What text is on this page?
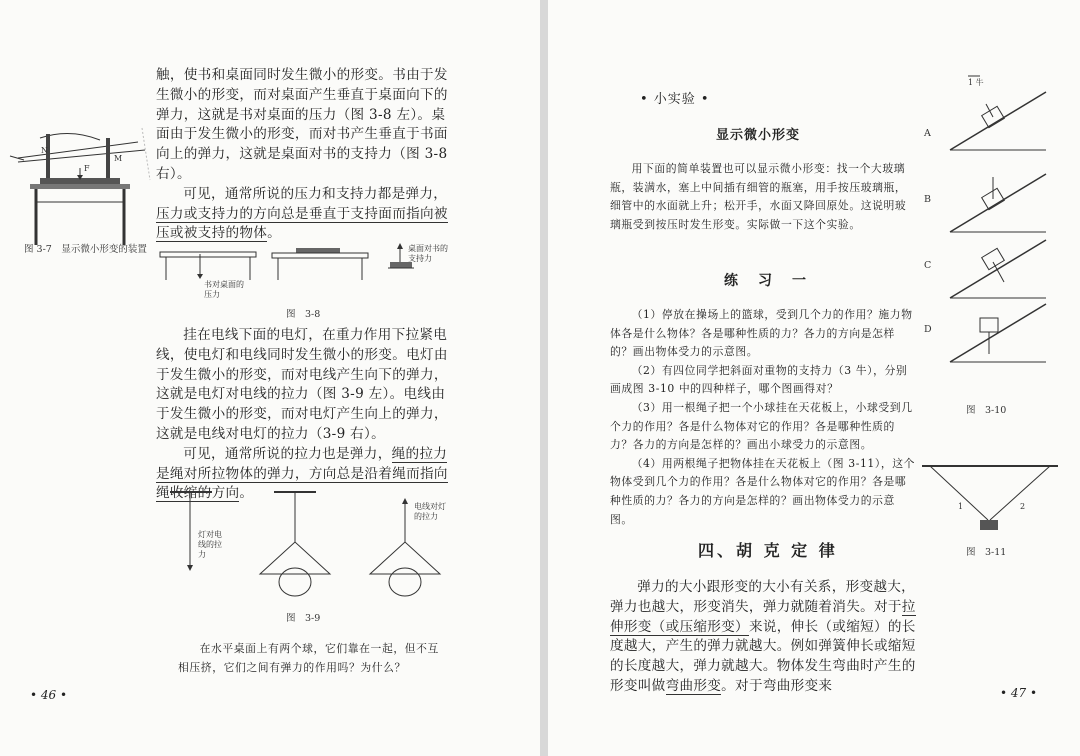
N
M
F
图 3-7　显示微小形变的装置

触，使书和桌面同时发生微小的形变。书由于发生微小的形变，而对桌面产生垂直于桌面向下的弹力，这就是书对桌面的压力（图 3-8 左）。桌面由于发生微小的形变，而对书产生垂直于书面向上的弹力，这就是桌面对书的支持力（图 3-8 右）。

可见，通常所说的压力和支持力都是弹力，压力或支持力的方向总是垂直于支持面而指向被压或被支持的物体。

书对桌面的压力
桌面对书的支持力
图　3-8

挂在电线下面的电灯，在重力作用下拉紧电线，使电灯和电线同时发生微小的形变。电灯由于发生微小的形变，而对电线产生向下的弹力，这就是电灯对电线的拉力（图 3-9 左）。电线由于发生微小的形变，而对电灯产生向上的弹力，这就是电线对电灯的拉力（3-9 右）。

可见，通常所说的拉力也是弹力，绳的拉力是绳对所拉物体的弹力，方向总是沿着绳而指向绳收缩的方向。

灯对电线的拉力
电线对灯的拉力
图　3-9

在水平桌面上有两个球，它们靠在一起，但不互相压挤，它们之间有弹力的作用吗？为什么？

• 46 •
• 小实验 •
显示微小形变

用下面的简单装置也可以显示微小形变：找一个大玻璃瓶，装满水，塞上中间插有细管的瓶塞，用手按压玻璃瓶，细管中的水面就上升；松开手，水面又降回原处。这说明玻璃瓶受到按压时发生形变。实际做一下这个实验。

练　习　一

（1）停放在操场上的篮球，受到几个力的作用？施力物体各是什么物体？各是哪种性质的力？各力的方向是怎样的？画出物体受力的示意图。

（2）有四位同学把斜面对重物的支持力（3 牛），分别画成图 3-10 中的四种样子，哪个图画得对？

（3）用一根绳子把一个小球挂在天花板上，小球受到几个力的作用？各是什么物体对它的作用？各是哪种性质的力？各力的方向是怎样的？画出小球受力的示意图。

（4）用两根绳子把物体挂在天花板上（图 3-11），这个物体受到几个力的作用？各是什么物体对它的作用？各是哪种性质的力？各力的方向是怎样的？画出物体受力的示意图。

四、胡 克 定 律

弹力的大小跟形变的大小有关系，形变越大，弹力也越大，形变消失，弹力就随着消失。对于拉伸形变（或压缩形变）来说，伸长（或缩短）的长度越大，产生的弹力就越大。例如弹簧伸长或缩短的长度越大，弹力就越大。物体发生弯曲时产生的形变叫做弯曲形变。对于弯曲形变来

1 牛
A
B
C
D
图　3-10
1	2
图　3-11
• 47 •
